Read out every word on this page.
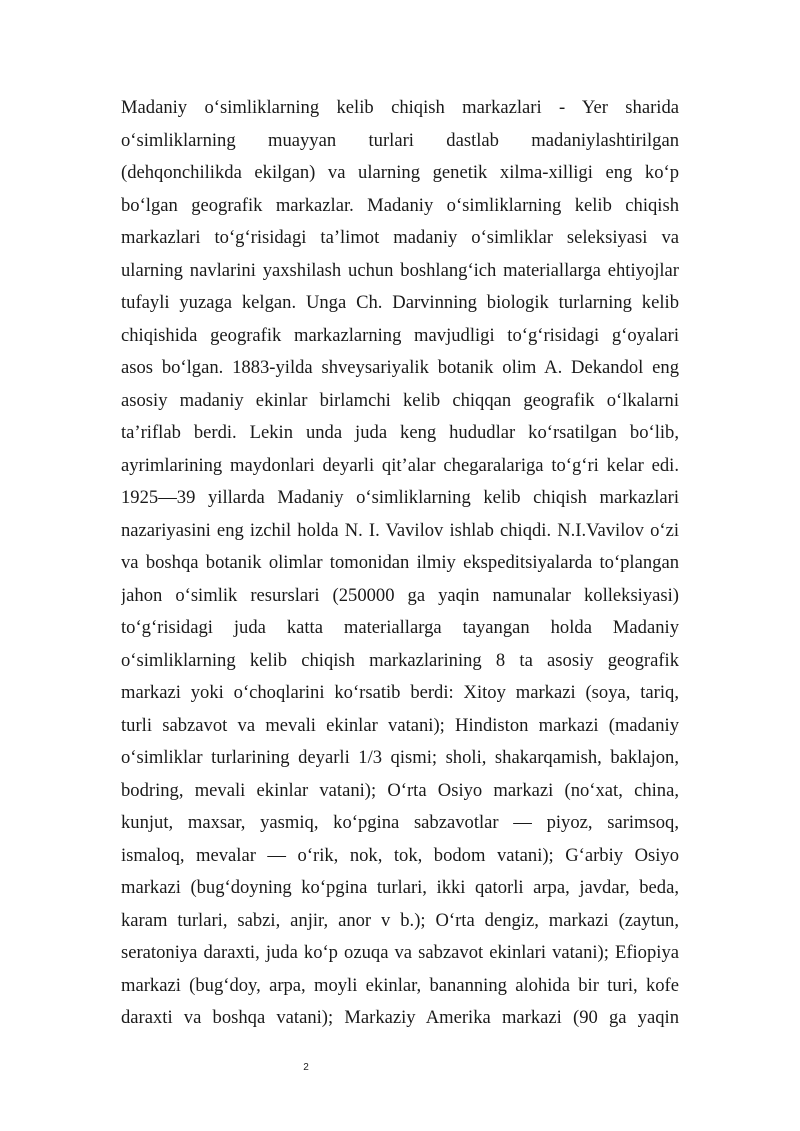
Madaniy o‘simliklarning kelib chiqish markazlari - Yer sharida
o‘simliklarning muayyan turlari dastlab madaniylashtirilgan
(dehqonchilikda ekilgan) va ularning genetik xilma-xilligi eng ko‘p
bo‘lgan geografik markazlar. Madaniy o‘simliklarning kelib chiqish
markazlari to‘g‘risidagi ta’limot madaniy o‘simliklar seleksiyasi va
ularning navlarini yaxshilash uchun boshlang‘ich materiallarga ehtiyojlar
tufayli yuzaga kelgan. Unga Ch. Darvinning biologik turlarning kelib
chiqishida geografik markazlarning mavjudligi to‘g‘risidagi g‘oyalari
asos bo‘lgan. 1883-yilda shveysariyalik botanik olim A. Dekandol eng
asosiy madaniy ekinlar birlamchi kelib chiqqan geografik o‘lkalarni
ta’riflab berdi. Lekin unda juda keng hududlar ko‘rsatilgan bo‘lib,
ayrimlarining maydonlari deyarli qit’alar chegaralariga to‘g‘ri kelar edi.
1925—39 yillarda Madaniy o‘simliklarning kelib chiqish markazlari
nazariyasini eng izchil holda N. I. Vavilov ishlab chiqdi. N.I.Vavilov o‘zi
va boshqa botanik olimlar tomonidan ilmiy ekspeditsiyalarda to‘plangan
jahon o‘simlik resurslari (250000 ga yaqin namunalar kolleksiyasi)
to‘g‘risidagi juda katta materiallarga tayangan holda Madaniy
o‘simliklarning kelib chiqish markazlarining 8 ta asosiy geografik
markazi yoki o‘choqlarini ko‘rsatib berdi: Xitoy markazi (soya, tariq,
turli sabzavot va mevali ekinlar vatani); Hindiston markazi (madaniy
o‘simliklar turlarining deyarli 1/3 qismi; sholi, shakarqamish, baklajon,
bodring, mevali ekinlar vatani); O‘rta Osiyo markazi (no‘xat, china,
kunjut, maxsar, yasmiq, ko‘pgina sabzavotlar — piyoz, sarimsoq,
ismaloq, mevalar — o‘rik, nok, tok, bodom vatani); G‘arbiy Osiyo
markazi (bug‘doyning ko‘pgina turlari, ikki qatorli arpa, javdar, beda,
karam turlari, sabzi, anjir, anor v b.); O‘rta dengiz, markazi (zaytun,
seratoniya daraxti, juda ko‘p ozuqa va sabzavot ekinlari vatani); Efiopiya
markazi (bug‘doy, arpa, moyli ekinlar, bananning alohida bir turi, kofe
daraxti va boshqa vatani); Markaziy Amerika markazi (90 ga yaqin
2
